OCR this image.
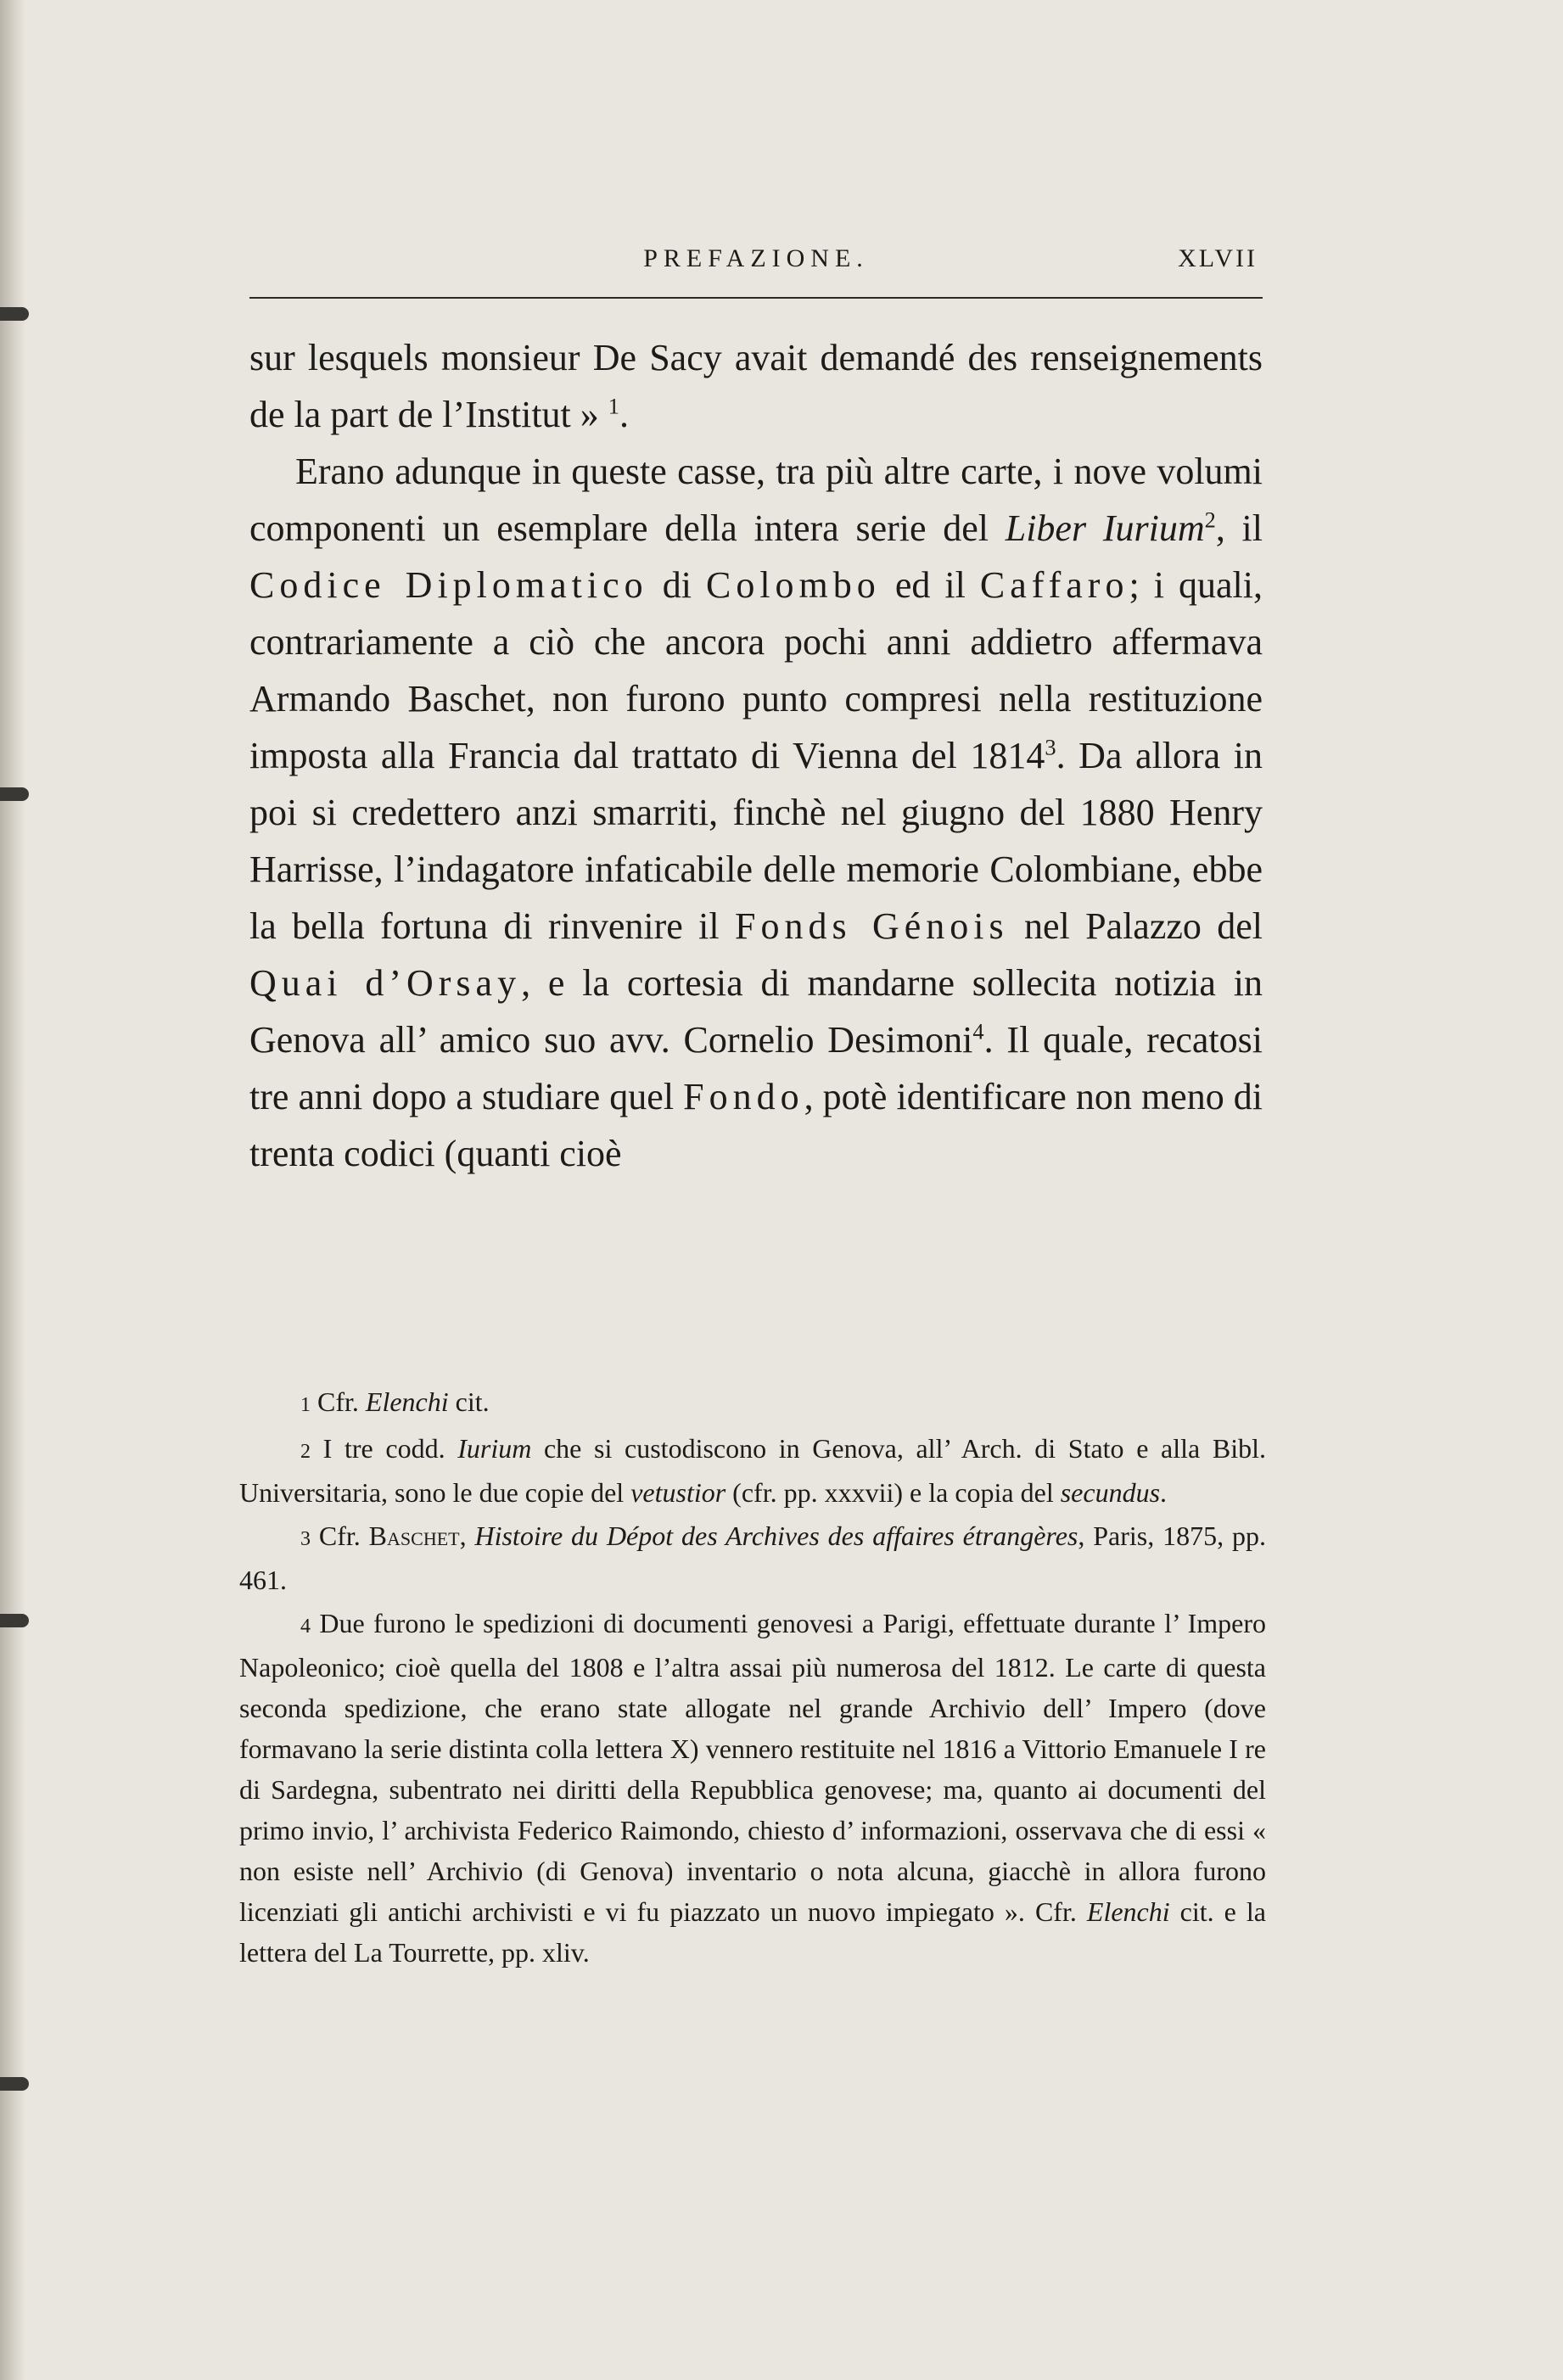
PREFAZIONE.	XLVII

sur lesquels monsieur De Sacy avait demandé des renseignements de la part de l’Institut » $^1$.

Erano adunque in queste casse, tra più altre carte, i nove volumi componenti un esemplare della intera serie del Liber Iurium$^2$, il Codice Diplomatico di Colombo ed il Caffaro; i quali, contrariamente a ciò che ancora pochi anni addietro affermava Armando Baschet, non furono punto compresi nella restituzione imposta alla Francia dal trattato di Vienna del 1814$^3$. Da allora in poi si credettero anzi smarriti, finchè nel giugno del 1880 Henry Harrisse, l’indagatore infaticabile delle memorie Colombiane, ebbe la bella fortuna di rinvenire il Fonds Génois nel Palazzo del Quai d’Orsay, e la cortesia di mandarne sollecita notizia in Genova all’ amico suo avv. Cornelio Desimoni$^4$. Il quale, recatosi tre anni dopo a studiare quel Fondo, potè identificare non meno di trenta codici (quanti cioè

1 Cfr. Elenchi cit.

2 I tre codd. Iurium che si custodiscono in Genova, all’ Arch. di Stato e alla Bibl. Universitaria, sono le due copie del vetustior (cfr. pp. xxxvii) e la copia del secundus.

3 Cfr. Baschet, Histoire du Dépot des Archives des affaires étrangères, Paris, 1875, pp. 461.

4 Due furono le spedizioni di documenti genovesi a Parigi, effettuate durante l’ Impero Napoleonico; cioè quella del 1808 e l’altra assai più numerosa del 1812. Le carte di questa seconda spedizione, che erano state allogate nel grande Archivio dell’ Impero (dove formavano la serie distinta colla lettera X) vennero restituite nel 1816 a Vittorio Emanuele I re di Sardegna, subentrato nei diritti della Repubblica genovese; ma, quanto ai documenti del primo invio, l’ archivista Federico Raimondo, chiesto d’ informazioni, osservava che di essi « non esiste nell’ Archivio (di Genova) inventario o nota alcuna, giacchè in allora furono licenziati gli antichi archivisti e vi fu piazzato un nuovo impiegato ». Cfr. Elenchi cit. e la lettera del La Tourrette, pp. xliv.
